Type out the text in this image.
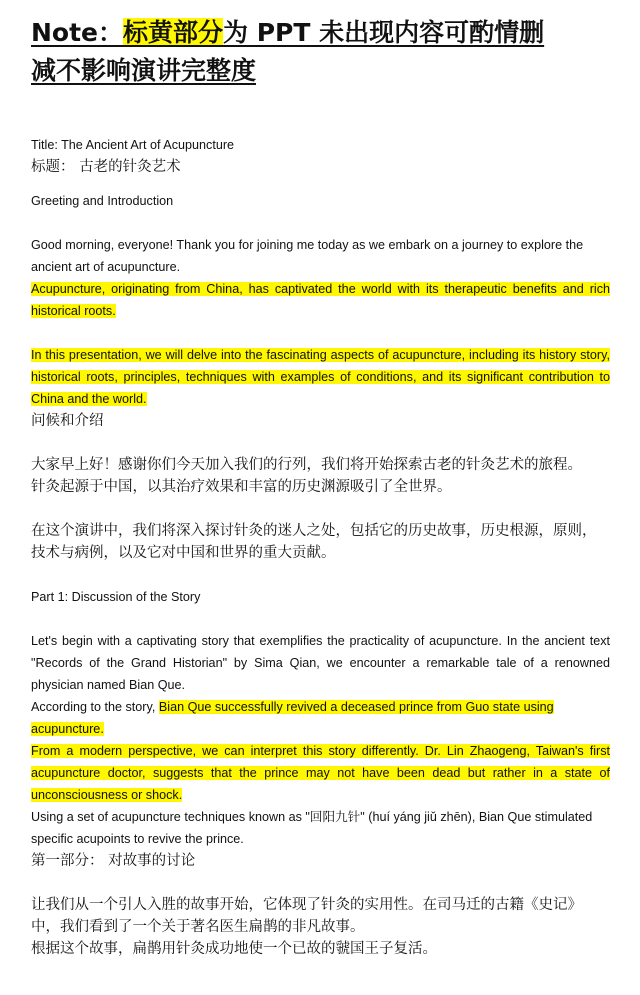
Note：标黄部分为 PPT 未出现内容可酌情删
减不影响演讲完整度

Title: The Ancient Art of Acupuncture

标题： 古老的针灸艺术

Greeting and Introduction

Good morning, everyone! Thank you for joining me today as we embark on a journey to explore the ancient art of acupuncture.

Acupuncture, originating from China, has captivated the world with its therapeutic benefits and rich historical roots.

In this presentation, we will delve into the fascinating aspects of acupuncture, including its history story, historical roots, principles, techniques with examples of conditions, and its significant contribution to China and the world.

问候和介绍

大家早上好！感谢你们今天加入我们的行列，我们将开始探索古老的针灸艺术的旅程。

针灸起源于中国，以其治疗效果和丰富的历史渊源吸引了全世界。

在这个演讲中，我们将深入探讨针灸的迷人之处，包括它的历史故事，历史根源，原则，技术与病例，以及它对中国和世界的重大贡献。

Part 1: Discussion of the Story

Let's begin with a captivating story that exemplifies the practicality of acupuncture. In the ancient text "Records of the Grand Historian" by Sima Qian, we encounter a remarkable tale of a renowned physician named Bian Que.

According to the story, Bian Que successfully revived a deceased prince from Guo state using acupuncture.

From a modern perspective, we can interpret this story differently. Dr. Lin Zhaogeng, Taiwan's first acupuncture doctor, suggests that the prince may not have been dead but rather in a state of unconsciousness or shock.

Using a set of acupuncture techniques known as "回阳九针" (huí yáng jiǔ zhēn), Bian Que stimulated specific acupoints to revive the prince.

第一部分： 对故事的讨论

让我们从一个引人入胜的故事开始，它体现了针灸的实用性。在司马迁的古籍《史记》中，我们看到了一个关于著名医生扁鹊的非凡故事。

根据这个故事，扁鹊用针灸成功地使一个已故的虢国王子复活。
